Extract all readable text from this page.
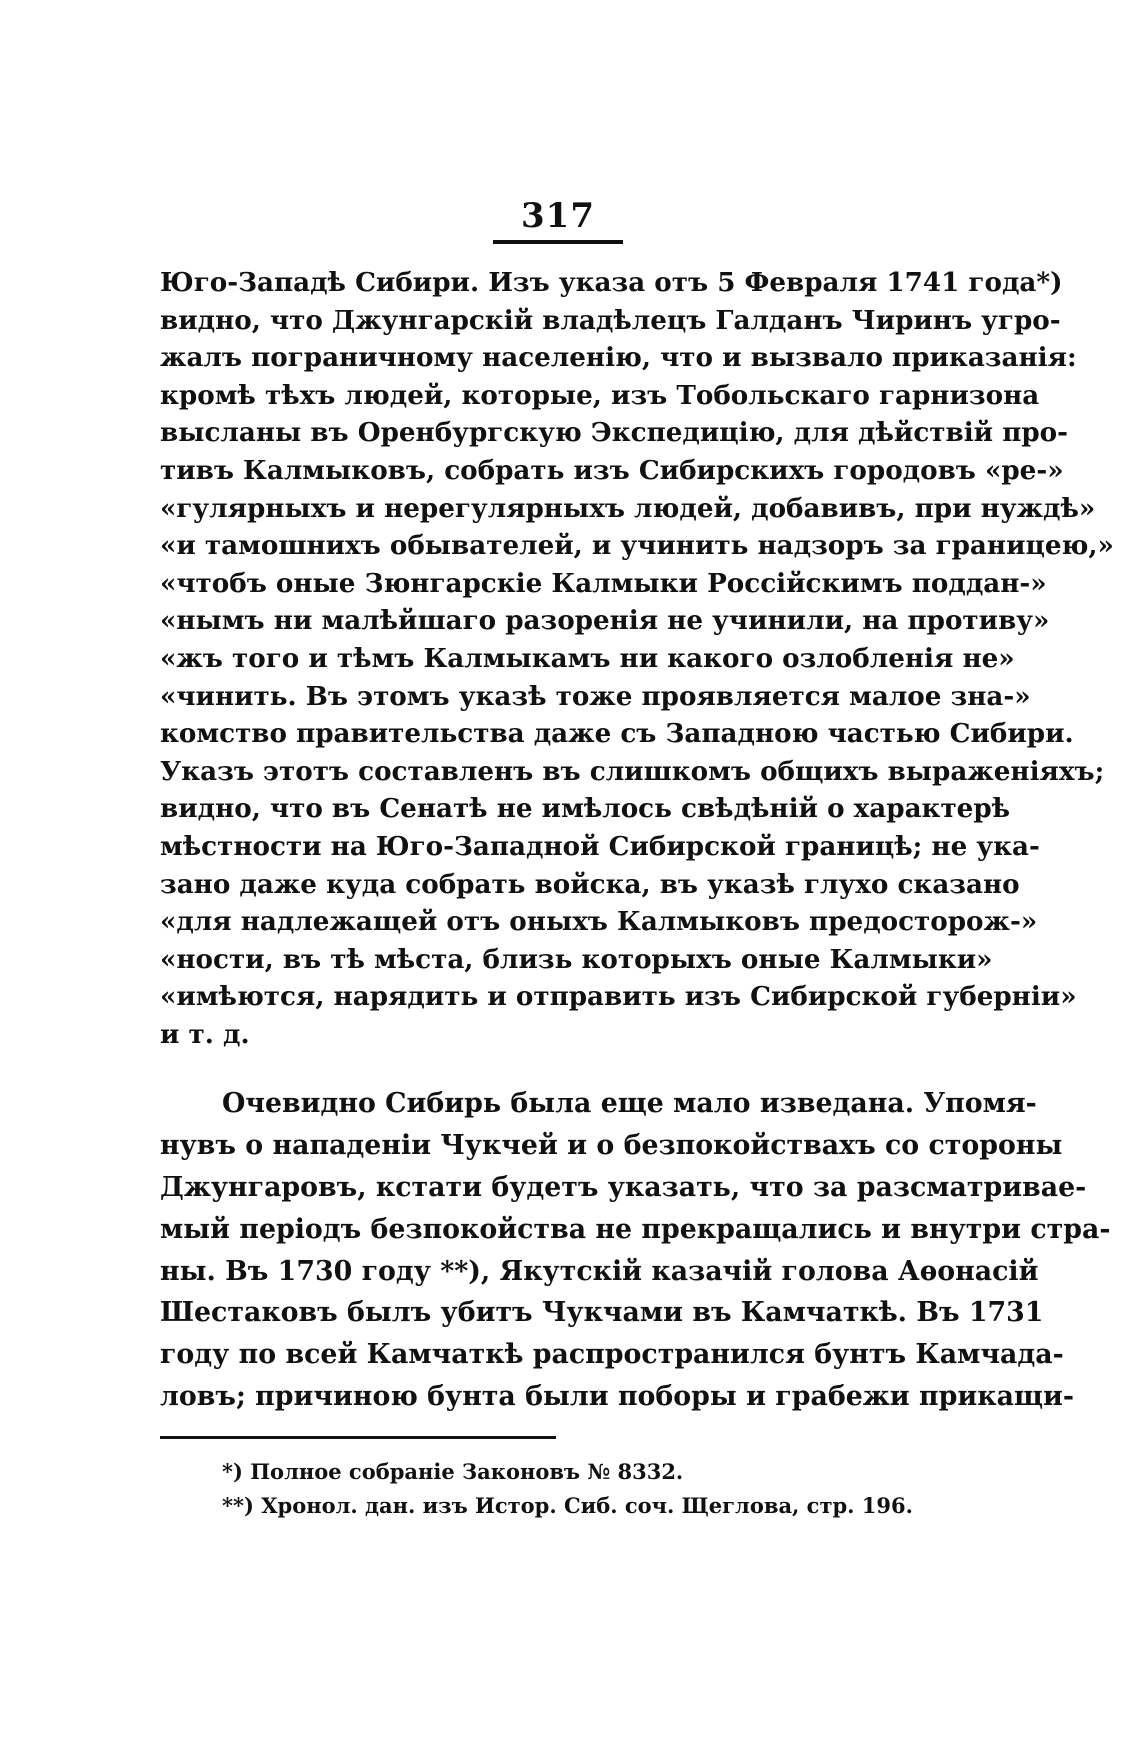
317
Юго-Западѣ Сибири. Изъ указа отъ 5 Февраля 1741 года*)
видно, что Джунгарскій владѣлецъ Галданъ Чиринъ угро-
жалъ пограничному населенію, что и вызвало приказанія:
кромѣ тѣхъ людей, которые, изъ Тобольскаго гарнизона
высланы въ Оренбургскую Экспедицію, для дѣйствій про-
тивъ Калмыковъ, собрать изъ Сибирскихъ городовъ «ре-»
«гулярныхъ и нерегулярныхъ людей, добавивъ, при нуждѣ»
«и тамошнихъ обывателей, и учинить надзоръ за границею,»
«чтобъ оные Зюнгарскіе Калмыки Россійскимъ поддан-»
«нымъ ни малѣйшаго разоренія не учинили, на противу»
«жъ того и тѣмъ Калмыкамъ ни какого озлобленія не»
«чинить. Въ этомъ указѣ тоже проявляется малое зна-»
комство правительства даже съ Западною частью Сибири.
Указъ этотъ составленъ въ слишкомъ общихъ выраженіяхъ;
видно, что въ Сенатѣ не имѣлось свѣдѣній о характерѣ
мѣстности на Юго-Западной Сибирской границѣ; не ука-
зано даже куда собрать войска, въ указѣ глухо сказано
«для надлежащей отъ оныхъ Калмыковъ предосторож-»
«ности, въ тѣ мѣста, близь которыхъ оные Калмыки»
«имѣются, нарядить и отправить изъ Сибирской губерніи»
и т. д.
Очевидно Сибирь была еще мало изведана. Упомя-
нувъ о нападеніи Чукчей и о безпокойствахъ со стороны
Джунгаровъ, кстати будетъ указать, что за разсматривае-
мый періодъ безпокойства не прекращались и внутри стра-
ны. Въ 1730 году **), Якутскій казачій голова Аѳонасій
Шестаковъ былъ убитъ Чукчами въ Камчаткѣ. Въ 1731
году по всей Камчаткѣ распространился бунтъ Камчада-
ловъ; причиною бунта были поборы и грабежи прикащи-
*) Полное собраніе Законовъ № 8332.
**) Хронол. дан. изъ Истор. Сиб. соч. Щеглова, стр. 196.
